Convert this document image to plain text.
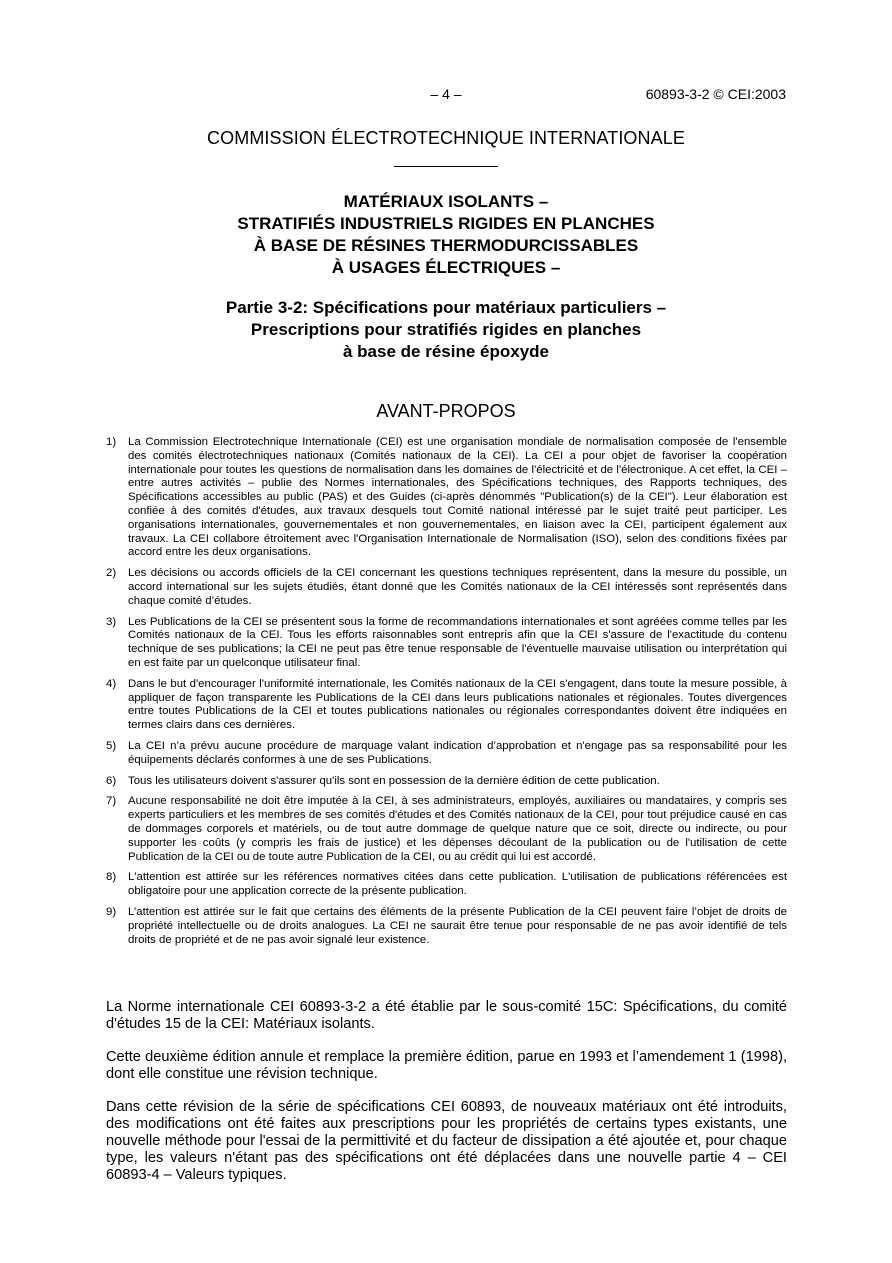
– 4 –	60893-3-2 © CEI:2003
COMMISSION ÉLECTROTECHNIQUE INTERNATIONALE
MATÉRIAUX ISOLANTS –
STRATIFIÉS INDUSTRIELS RIGIDES EN PLANCHES
À BASE DE RÉSINES THERMODURCISSABLES
À USAGES ÉLECTRIQUES –
Partie 3-2: Spécifications pour matériaux particuliers –
Prescriptions pour stratifiés rigides en planches
à base de résine époxyde
AVANT-PROPOS
1) La Commission Electrotechnique Internationale (CEI) est une organisation mondiale de normalisation composée de l'ensemble des comités électrotechniques nationaux (Comités nationaux de la CEI). La CEI a pour objet de favoriser la coopération internationale pour toutes les questions de normalisation dans les domaines de l'électricité et de l'électronique. A cet effet, la CEI – entre autres activités – publie des Normes internationales, des Spécifications techniques, des Rapports techniques, des Spécifications accessibles au public (PAS) et des Guides (ci-après dénommés "Publication(s) de la CEI"). Leur élaboration est confiée à des comités d'études, aux travaux desquels tout Comité national intéressé par le sujet traité peut participer. Les organisations internationales, gouvernementales et non gouvernementales, en liaison avec la CEI, participent également aux travaux. La CEI collabore étroitement avec l'Organisation Internationale de Normalisation (ISO), selon des conditions fixées par accord entre les deux organisations.
2) Les décisions ou accords officiels de la CEI concernant les questions techniques représentent, dans la mesure du possible, un accord international sur les sujets étudiés, étant donné que les Comités nationaux de la CEI intéressés sont représentés dans chaque comité d’études.
3) Les Publications de la CEI se présentent sous la forme de recommandations internationales et sont agréées comme telles par les Comités nationaux de la CEI. Tous les efforts raisonnables sont entrepris afin que la CEI s'assure de l'exactitude du contenu technique de ses publications; la CEI ne peut pas être tenue responsable de l'éventuelle mauvaise utilisation ou interprétation qui en est faite par un quelconque utilisateur final.
4) Dans le but d'encourager l'uniformité internationale, les Comités nationaux de la CEI s'engagent, dans toute la mesure possible, à appliquer de façon transparente les Publications de la CEI dans leurs publications nationales et régionales. Toutes divergences entre toutes Publications de la CEI et toutes publications nationales ou régionales correspondantes doivent être indiquées en termes clairs dans ces dernières.
5) La CEI n’a prévu aucune procédure de marquage valant indication d’approbation et n'engage pas sa responsabilité pour les équipements déclarés conformes à une de ses Publications.
6) Tous les utilisateurs doivent s'assurer qu'ils sont en possession de la dernière édition de cette publication.
7) Aucune responsabilité ne doit être imputée à la CEI, à ses administrateurs, employés, auxiliaires ou mandataires, y compris ses experts particuliers et les membres de ses comités d'études et des Comités nationaux de la CEI, pour tout préjudice causé en cas de dommages corporels et matériels, ou de tout autre dommage de quelque nature que ce soit, directe ou indirecte, ou pour supporter les coûts (y compris les frais de justice) et les dépenses découlant de la publication ou de l'utilisation de cette Publication de la CEI ou de toute autre Publication de la CEI, ou au crédit qui lui est accordé.
8) L'attention est attirée sur les références normatives citées dans cette publication. L'utilisation de publications référencées est obligatoire pour une application correcte de la présente publication.
9) L’attention est attirée sur le fait que certains des éléments de la présente Publication de la CEI peuvent faire l’objet de droits de propriété intellectuelle ou de droits analogues. La CEI ne saurait être tenue pour responsable de ne pas avoir identifié de tels droits de propriété et de ne pas avoir signalé leur existence.

La Norme internationale CEI 60893-3-2 a été établie par le sous-comité 15C: Spécifications, du comité d'études 15 de la CEI: Matériaux isolants.

Cette deuxième édition annule et remplace la première édition, parue en 1993 et l’amendement 1 (1998), dont elle constitue une révision technique.

Dans cette révision de la série de spécifications CEI 60893, de nouveaux matériaux ont été introduits, des modifications ont été faites aux prescriptions pour les propriétés de certains types existants, une nouvelle méthode pour l'essai de la permittivité et du facteur de dissipation a été ajoutée et, pour chaque type, les valeurs n'étant pas des spécifications ont été déplacées dans une nouvelle partie 4 – CEI 60893-4 – Valeurs typiques.
